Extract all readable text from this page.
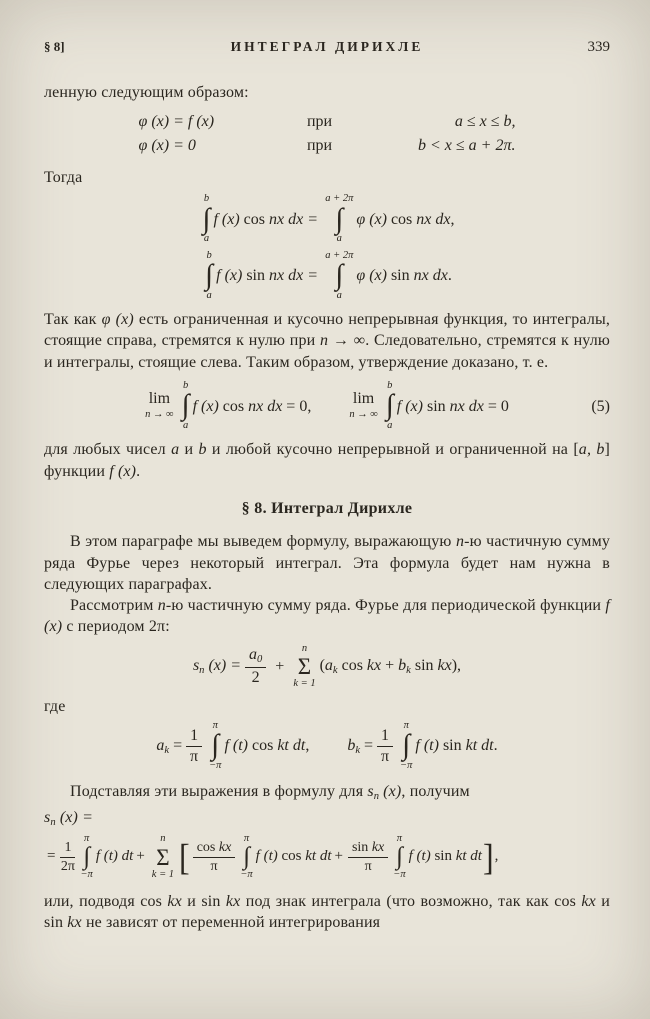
§ 8]	ИНТЕГРАЛ ДИРИХЛЕ	339

ленную следующим образом:

φ (x) = f (x)	при	a ≤ x ≤ b,
φ (x) = 0	при	b < x ≤ a + 2π.

Тогда

b
∫
a
f (x) cos nx dx =
a + 2π
∫
a
φ (x) cos nx dx,
b
∫
a
f (x) sin nx dx =
a + 2π
∫
a
φ (x) sin nx dx.

Так как φ (x) есть ограниченная и кусочно непрерывная функция, то интегралы, стоящие справа, стремятся к нулю при n → ∞. Следовательно, стремятся к нулю и интегралы, стоящие слева. Таким образом, утверждение доказано, т. е.

lim
n → ∞
b
∫
a
f (x) cos nx dx = 0,	lim
n → ∞
b
∫
a
f (x) sin nx dx = 0	(5)

для любых чисел a и b и любой кусочно непрерывной и ограниченной на [a, b] функции f (x).

§ 8. Интеграл Дирихле

В этом параграфе мы выведем формулу, выражающую n-ю частичную сумму ряда Фурье через некоторый интеграл. Эта формула будет нам нужна в следующих параграфах.

Рассмотрим n-ю частичную сумму ряда. Фурье для периодической функции f (x) с периодом 2π:

sn $(x) = \frac{a0}{2}$ +
n
Σ
k = 1
(ak cos kx + bk sin kx),

где

ak = $\frac{1}{\pi}$
π
∫
−π
f (t) cos kt dt, bk = $\frac{1}{\pi}$
π
∫
−π
f (t) sin kt dt.

Подставляя эти выражения в формулу для sn (x), получим

sn (x) =

= $\frac{1}{2\pi}$
π
∫
−π
f (t) dt +
n
Σ
k = 1 [ $\frac{\text{cos kx}}{\pi}$
π
∫
−π
f (t) cos kt dt + $\frac{\text{sin kx}}{\pi}$
π
∫
−π
f (t) sin kt dt ] ,

или, подводя cos kx и sin kx под знак интеграла (что возможно, так как cos kx и sin kx не зависят от переменной интегрирования
